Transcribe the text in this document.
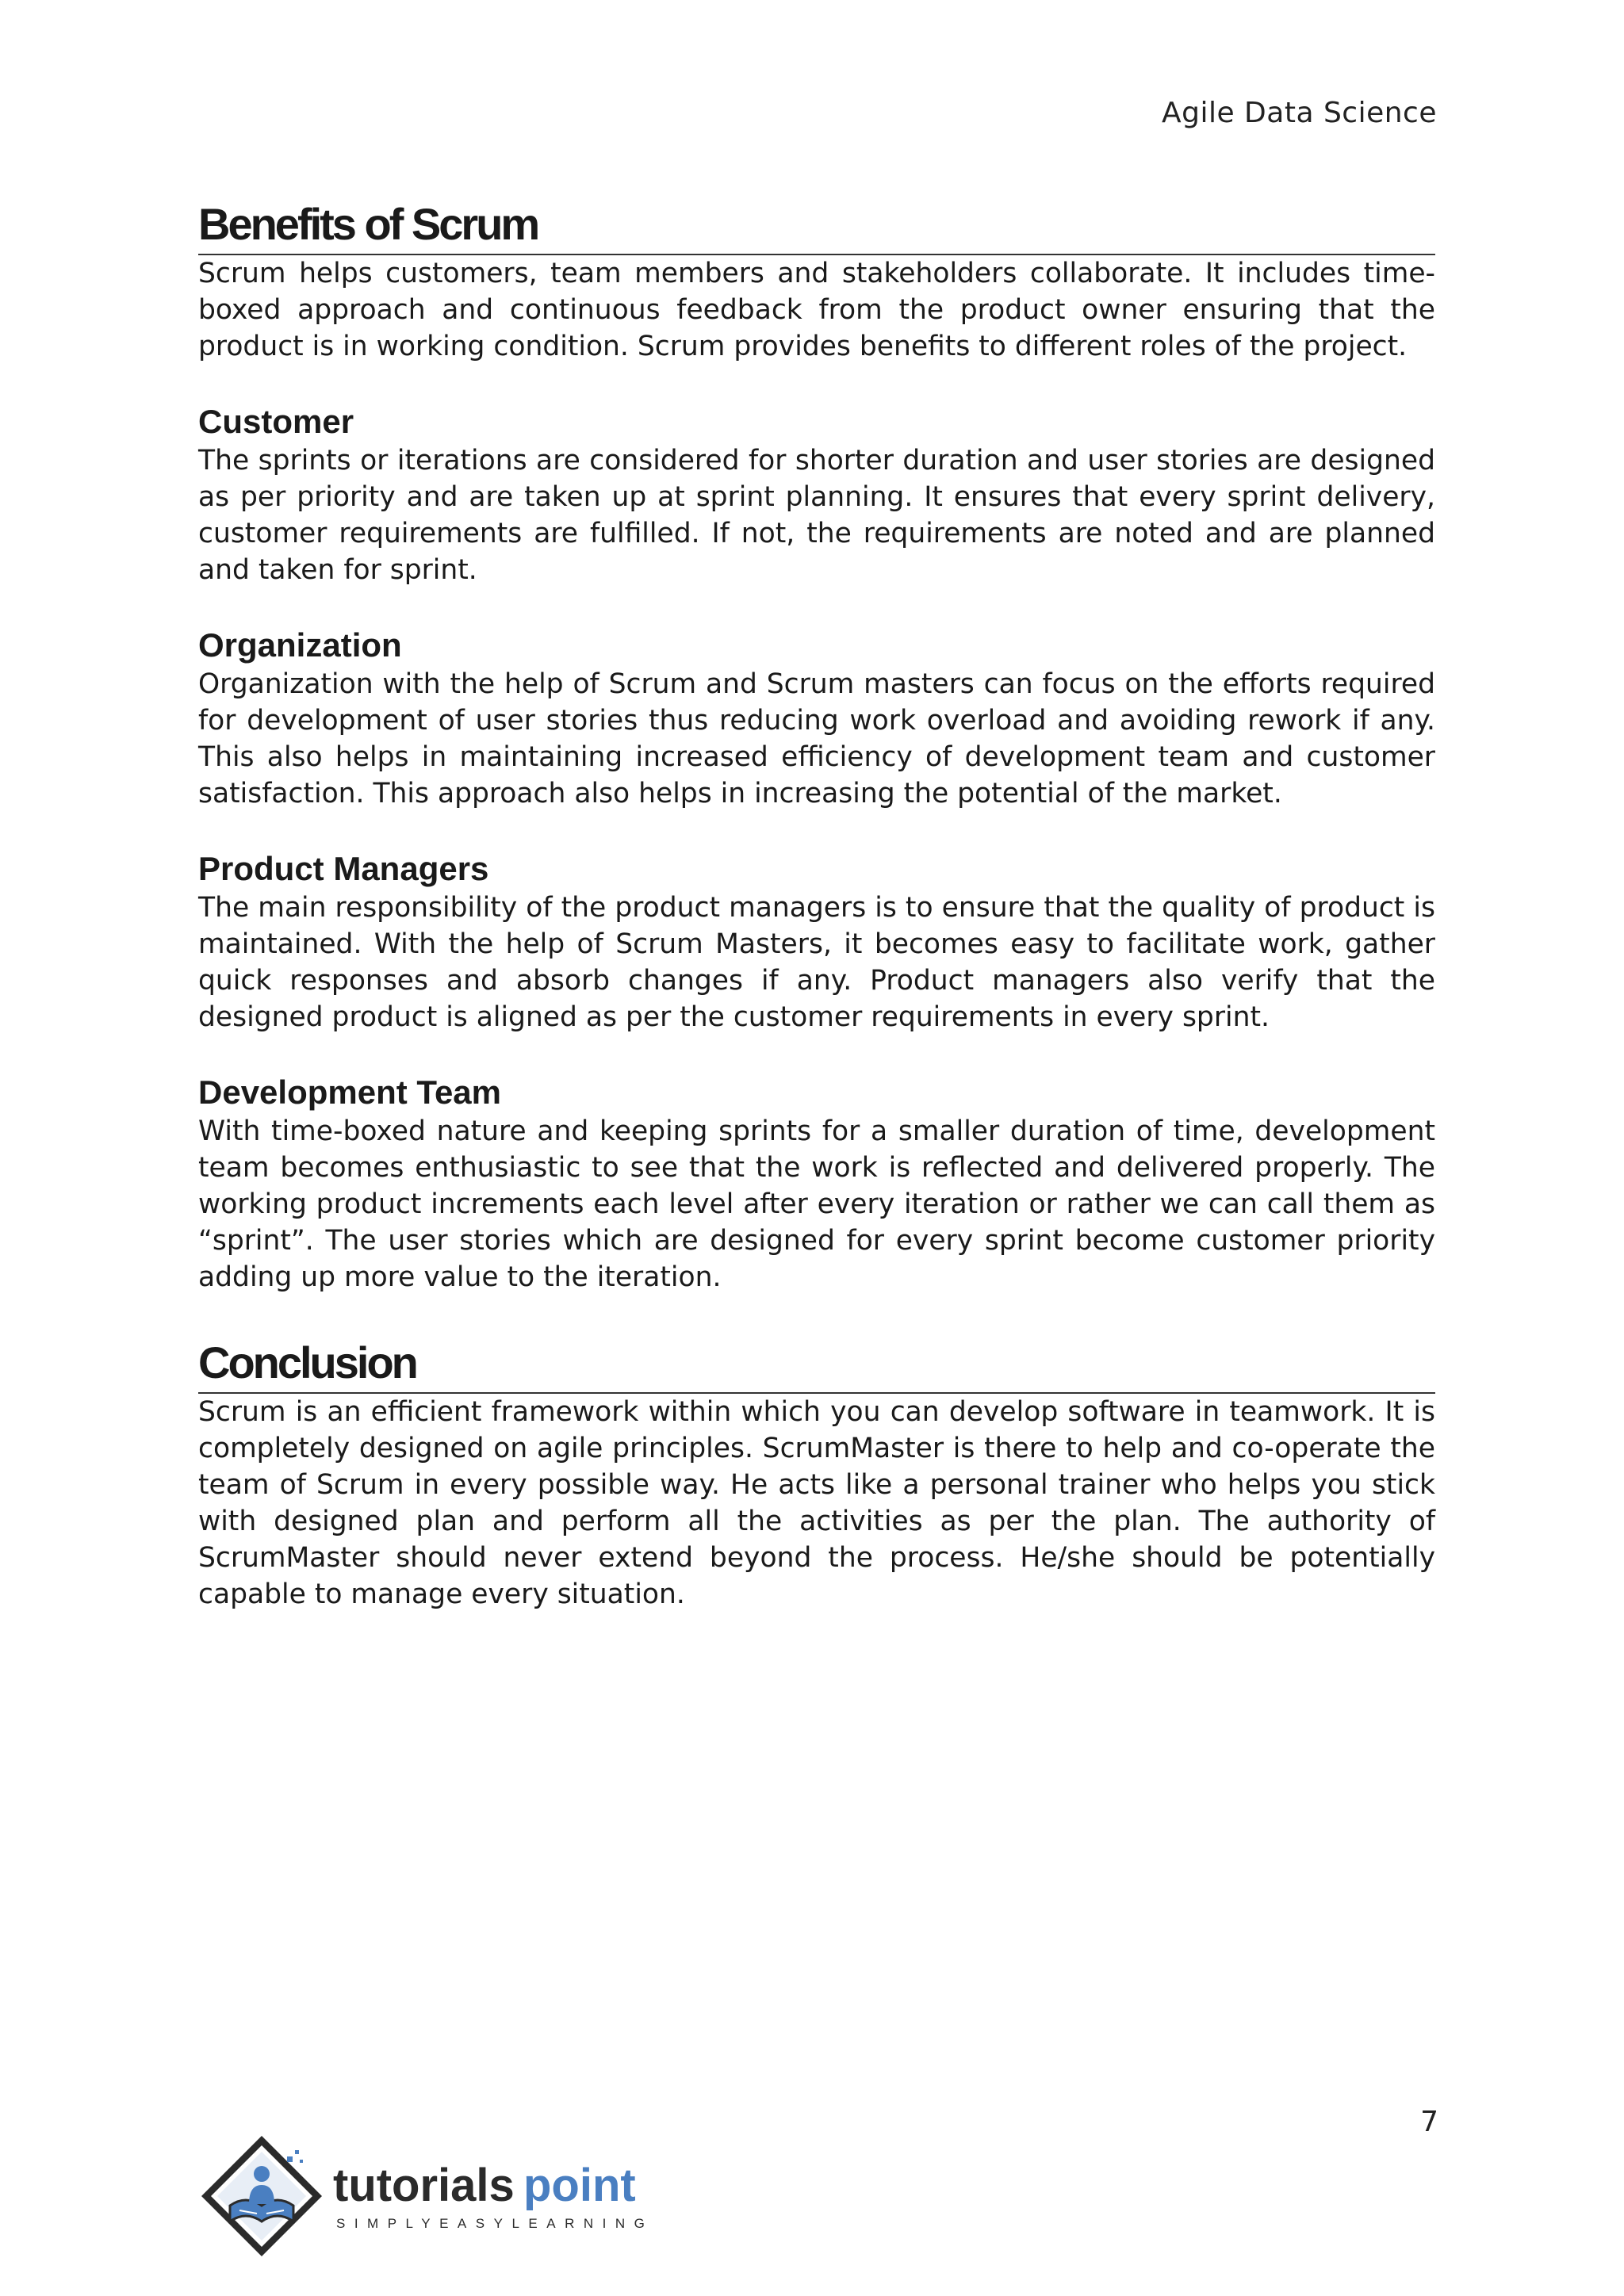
Agile Data Science
Benefits of Scrum

Scrum helps customers, team members and stakeholders collaborate. It includes time-boxed approach and continuous feedback from the product owner ensuring that the product is in working condition. Scrum provides benefits to different roles of the project.

Customer

The sprints or iterations are considered for shorter duration and user stories are designed as per priority and are taken up at sprint planning. It ensures that every sprint delivery, customer requirements are fulfilled. If not, the requirements are noted and are planned and taken for sprint.

Organization

Organization with the help of Scrum and Scrum masters can focus on the efforts required for development of user stories thus reducing work overload and avoiding rework if any. This also helps in maintaining increased efficiency of development team and customer satisfaction. This approach also helps in increasing the potential of the market.

Product Managers

The main responsibility of the product managers is to ensure that the quality of product is maintained. With the help of Scrum Masters, it becomes easy to facilitate work, gather quick responses and absorb changes if any. Product managers also verify that the designed product is aligned as per the customer requirements in every sprint.

Development Team

With time-boxed nature and keeping sprints for a smaller duration of time, development team becomes enthusiastic to see that the work is reflected and delivered properly. The working product increments each level after every iteration or rather we can call them as “sprint”. The user stories which are designed for every sprint become customer priority adding up more value to the iteration.

Conclusion

Scrum is an efficient framework within which you can develop software in teamwork. It is completely designed on agile principles. ScrumMaster is there to help and co-operate the team of Scrum in every possible way. He acts like a personal trainer who helps you stick with designed plan and perform all the activities as per the plan. The authority of ScrumMaster should never extend beyond the process. He/she should be potentially capable to manage every situation.

7
tutorials point
SIMPLYEASYLEARNING
